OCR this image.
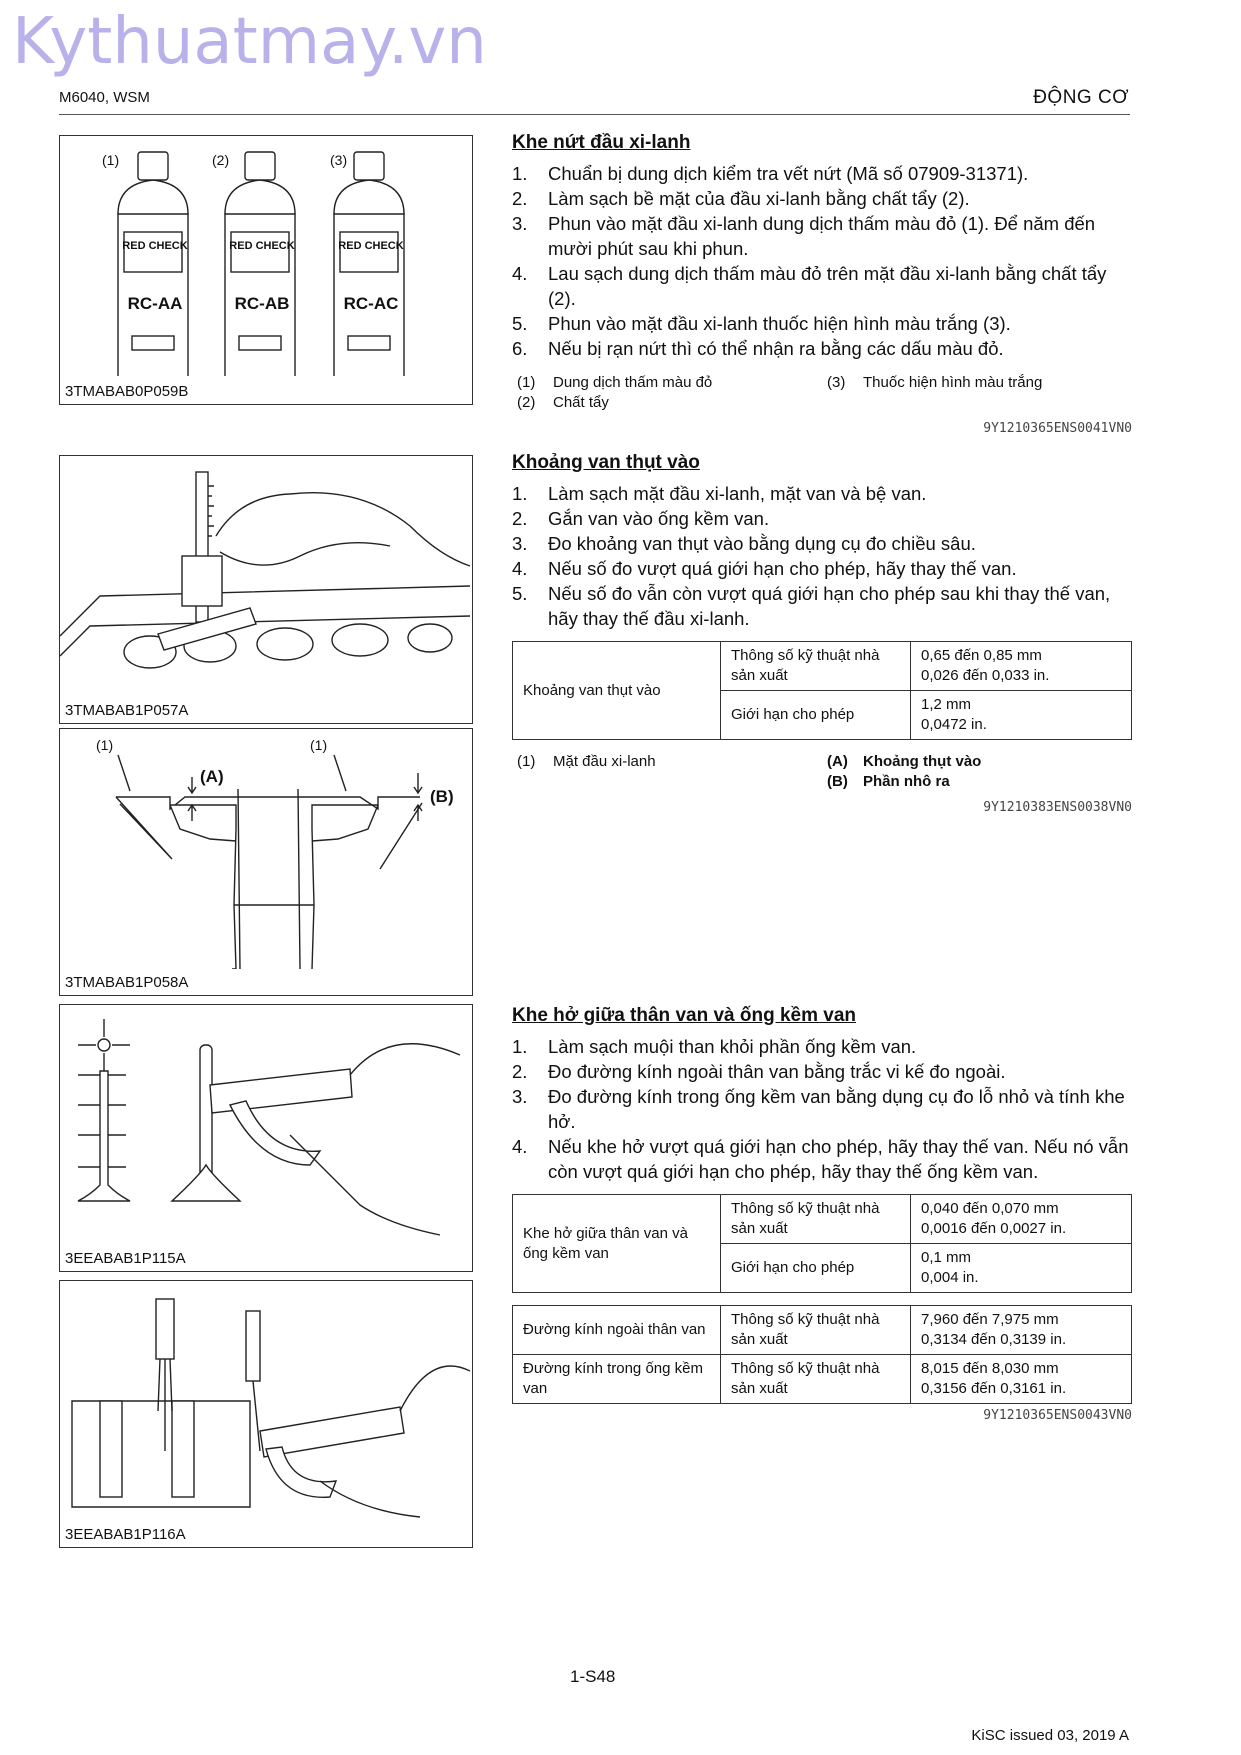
Kythuatmay.vn
M6040, WSM	ĐỘNG CƠ
(1)	(2)	(3)
RED CHECK
RC-AA
RED CHECK
RC-AB
RED CHECK
RC-AC
3TMABAB0P059B
3TMABAB1P057A
(1)	(1)
(A)
(B)
3TMABAB1P058A
3EEABAB1P115A
3EEABAB1P116A
Khe nứt đầu xi-lanh
1.	Chuẩn bị dung dịch kiểm tra vết nứt (Mã số 07909-31371).
2.	Làm sạch bề mặt của đầu xi-lanh bằng chất tẩy (2).
3.	Phun vào mặt đầu xi-lanh dung dịch thấm màu đỏ (1). Để năm đến mười phút sau khi phun.
4.	Lau sạch dung dịch thấm màu đỏ trên mặt đầu xi-lanh bằng chất tẩy (2).
5.	Phun vào mặt đầu xi-lanh thuốc hiện hình màu trắng (3).
6.	Nếu bị rạn nứt thì có thể nhận ra bằng các dấu màu đỏ.
(1) Dung dịch thấm màu đỏ	(3) Thuốc hiện hình màu trắng
(2) Chất tẩy
9Y1210365ENS0041VN0
Khoảng van thụt vào
1.	Làm sạch mặt đầu xi-lanh, mặt van và bệ van.
2.	Gắn van vào ống kềm van.
3.	Đo khoảng van thụt vào bằng dụng cụ đo chiều sâu.
4.	Nếu số đo vượt quá giới hạn cho phép, hãy thay thế van.
5.	Nếu số đo vẫn còn vượt quá giới hạn cho phép sau khi thay thế van, hãy thay thế đầu xi-lanh.
Khoảng van thụt vào	Thông số kỹ thuật nhà sản xuất	0,65 đến 0,85 mm
0,026 đến 0,033 in.

	Giới hạn cho phép	1,2 mm
0,0472 in.
(1) Mặt đầu xi-lanh	(A) Khoảng thụt vào
(B) Phần nhô ra
9Y1210383ENS0038VN0
Khe hở giữa thân van và ống kềm van
1.	Làm sạch muội than khỏi phần ống kềm van.
2.	Đo đường kính ngoài thân van bằng trắc vi kế đo ngoài.
3.	Đo đường kính trong ống kềm van bằng dụng cụ đo lỗ nhỏ và tính khe hở.
4.	Nếu khe hở vượt quá giới hạn cho phép, hãy thay thế van. Nếu nó vẫn còn vượt quá giới hạn cho phép, hãy thay thế ống kềm van.
Khe hở giữa thân van và ống kềm van	Thông số kỹ thuật nhà sản xuất	0,040 đến 0,070 mm
0,0016 đến 0,0027 in.

	Giới hạn cho phép	0,1 mm
0,004 in.
Đường kính ngoài thân van	Thông số kỹ thuật nhà sản xuất	7,960 đến 7,975 mm
0,3134 đến 0,3139 in.

Đường kính trong ống kềm van	Thông số kỹ thuật nhà sản xuất	8,015 đến 8,030 mm
0,3156 đến 0,3161 in.
9Y1210365ENS0043VN0
1-S48
KiSC issued 03, 2019 A
